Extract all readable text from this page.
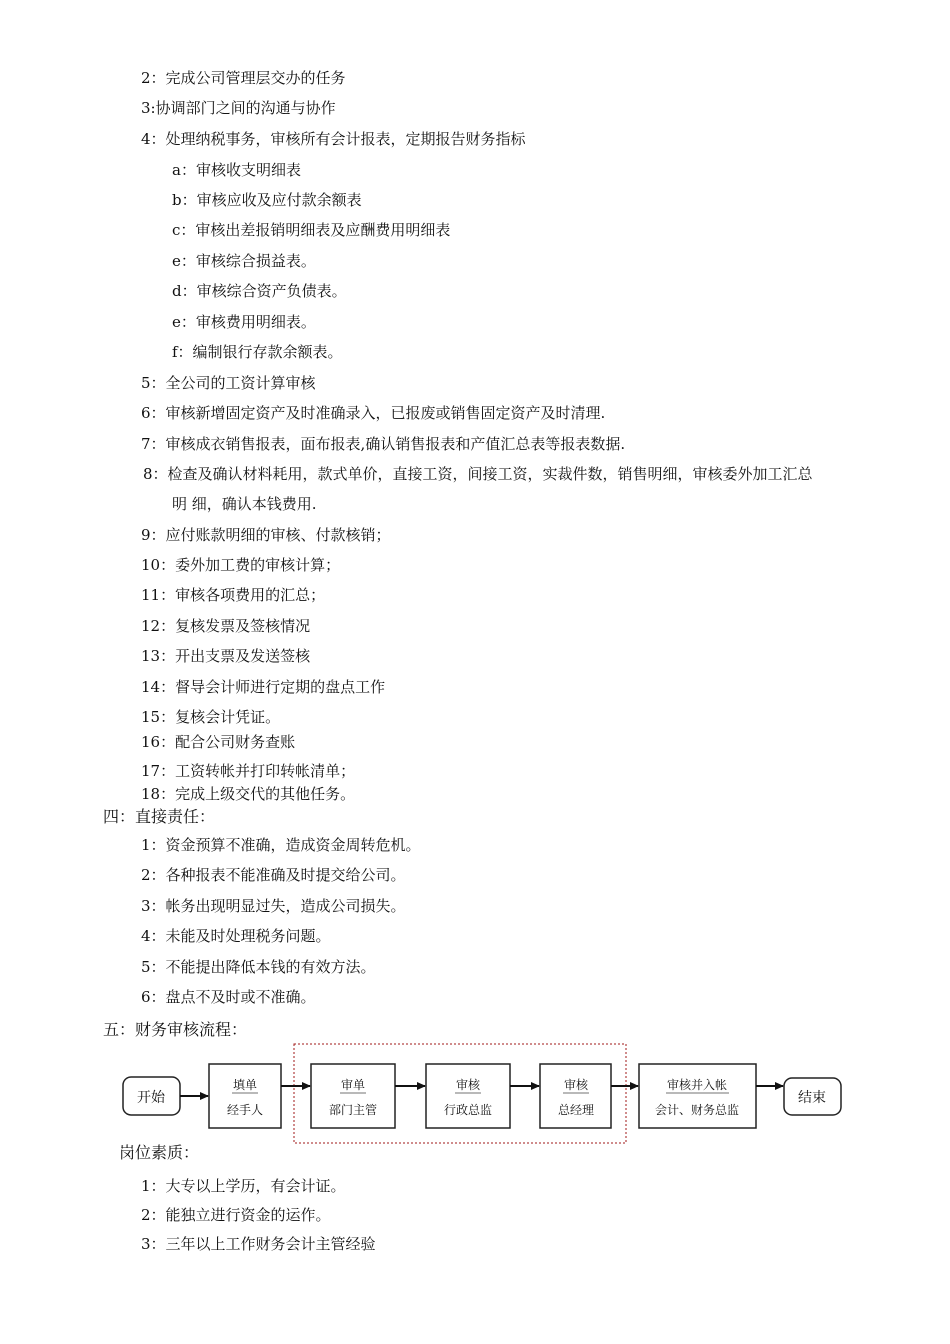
2：完成公司管理层交办的任务
3:协调部门之间的沟通与协作
4：处理纳税事务，审核所有会计报表，定期报告财务指标
a：审核收支明细表
b：审核应收及应付款余额表
c：审核出差报销明细表及应酬费用明细表
e：审核综合损益表。
d：审核综合资产负债表。
e：审核费用明细表。
f：编制银行存款余额表。
5：全公司的工资计算审核
6：审核新增固定资产及时准确录入，已报废或销售固定资产及时清理.
7：审核成衣销售报表，面布报表,确认销售报表和产值汇总表等报表数据.
8：检查及确认材料耗用，款式单价，直接工资，间接工资，实裁件数，销售明细，审核委外加工汇总
明 细，确认本钱费用.
9：应付账款明细的审核、付款核销；
10：委外加工费的审核计算；
11：审核各项费用的汇总；
12：复核发票及签核情况
13：开出支票及发送签核
14：督导会计师进行定期的盘点工作
15：复核会计凭证。
16：配合公司财务查账
17：工资转帐并打印转帐清单；
18：完成上级交代的其他任务。
四：直接责任：
1：资金预算不准确，造成资金周转危机。
2：各种报表不能准确及时提交给公司。
3：帐务出现明显过失，造成公司损失。
4：未能及时处理税务问题。
5：不能提出降低本钱的有效方法。
6：盘点不及时或不准确。
五：财务审核流程：
开始
填单
经手人
审单
部门主管
审核
行政总监
审核
总经理
审核并入帐
会计、财务总监
结束
岗位素质：
1：大专以上学历，有会计证。
2：能独立进行资金的运作。
3：三年以上工作财务会计主管经验
